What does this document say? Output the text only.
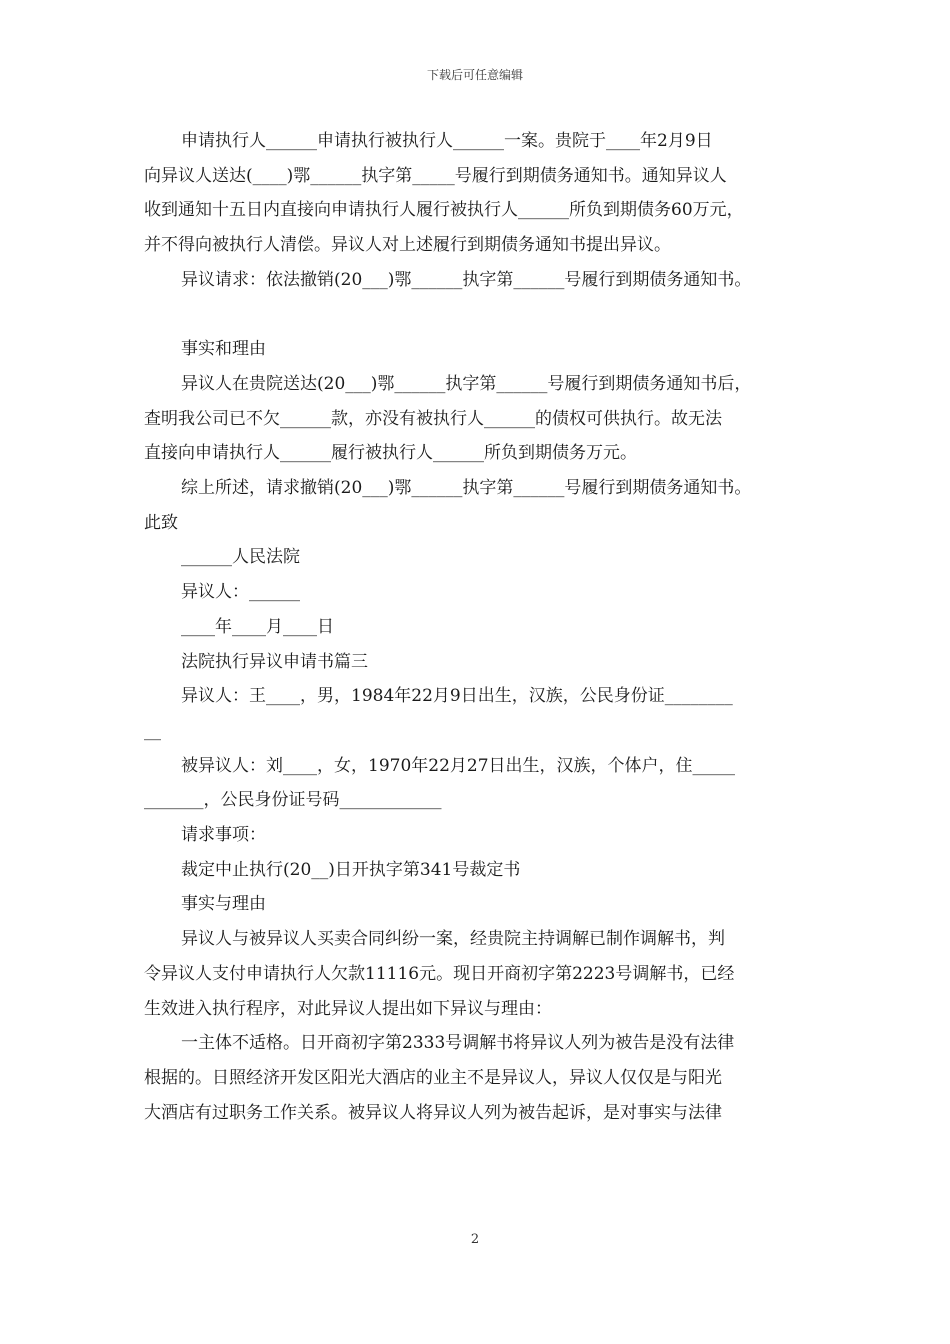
下载后可任意编辑

申请执行人______申请执行被执行人______一案。贵院于____年2月9日

向异议人送达(____)鄂______执字第_____号履行到期债务通知书。通知异议人

收到通知十五日内直接向申请执行人履行被执行人______所负到期债务60万元，

并不得向被执行人清偿。异议人对上述履行到期债务通知书提出异议。

异议请求：依法撤销(20___)鄂______执字第______号履行到期债务通知书。

事实和理由

异议人在贵院送达(20___)鄂______执字第______号履行到期债务通知书后，

查明我公司已不欠______款，亦没有被执行人______的债权可供执行。故无法

直接向申请执行人______履行被执行人______所负到期债务万元。

综上所述，请求撤销(20___)鄂______执字第______号履行到期债务通知书。

此致

______人民法院

异议人：______

____年____月____日

法院执行异议申请书篇三

异议人：王____，男，1984年22月9日出生，汉族，公民身份证________

__

被异议人：刘____，女，1970年22月27日出生，汉族，个体户，住_____

_______，公民身份证号码____________

请求事项：

裁定中止执行(20__)日开执字第341号裁定书

事实与理由

异议人与被异议人买卖合同纠纷一案，经贵院主持调解已制作调解书，判

令异议人支付申请执行人欠款11116元。现日开商初字第2223号调解书，已经

生效进入执行程序，对此异议人提出如下异议与理由：

一主体不适格。日开商初字第2333号调解书将异议人列为被告是没有法律

根据的。日照经济开发区阳光大酒店的业主不是异议人，异议人仅仅是与阳光

大酒店有过职务工作关系。被异议人将异议人列为被告起诉，是对事实与法律

2
